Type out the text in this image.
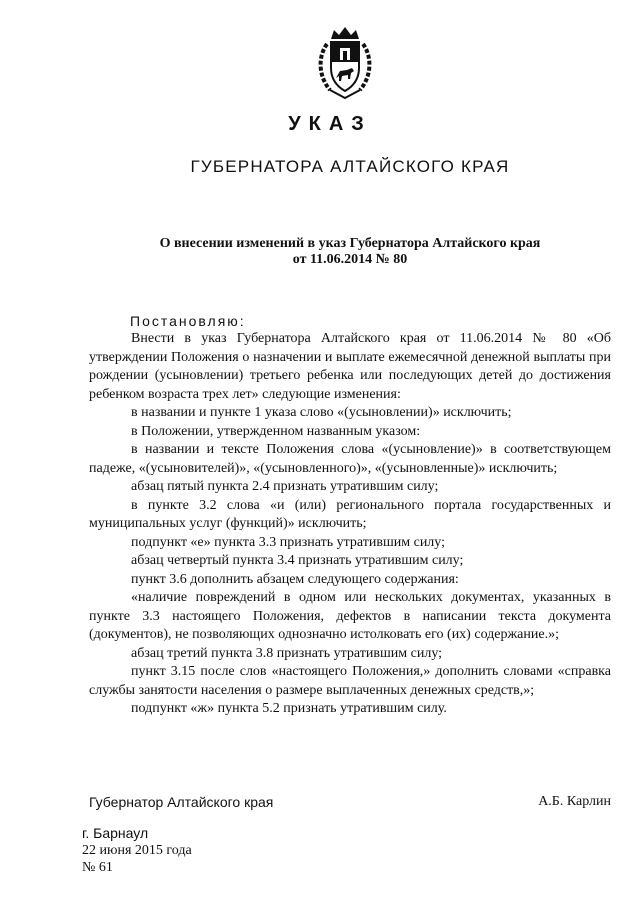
УКАЗ
ГУБЕРНАТОРА АЛТАЙСКОГО КРАЯ
О внесении изменений в указ Губернатора Алтайского края
от 11.06.2014 № 80
Постановляю:

Внести в указ Губернатора Алтайского края от 11.06.2014 № 80 «Об утверждении Положения о назначении и выплате ежемесячной денежной выплаты при рождении (усыновлении) третьего ребенка или последующих детей до достижения ребенком возраста трех лет» следующие изменения:

в названии и пункте 1 указа слово «(усыновлении)» исключить;

в Положении, утвержденном названным указом:

в названии и тексте Положения слова «(усыновление)» в соответствующем падеже, «(усыновителей)», «(усыновленного)», «(усыновленные)» исключить;

абзац пятый пункта 2.4 признать утратившим силу;

в пункте 3.2 слова «и (или) регионального портала государственных и муниципальных услуг (функций)» исключить;

подпункт «е» пункта 3.3 признать утратившим силу;

абзац четвертый пункта 3.4 признать утратившим силу;

пункт 3.6 дополнить абзацем следующего содержания:

«наличие повреждений в одном или нескольких документах, указанных в пункте 3.3 настоящего Положения, дефектов в написании текста документа (документов), не позволяющих однозначно истолковать его (их) содержание.»;

абзац третий пункта 3.8 признать утратившим силу;

пункт 3.15 после слов «настоящего Положения,» дополнить словами «справка службы занятости населения о размере выплаченных денежных средств,»;

подпункт «ж» пункта 5.2 признать утратившим силу.

Губернатор Алтайского края	А.Б. Карлин
г. Барнаул
22 июня 2015 года
№ 61
